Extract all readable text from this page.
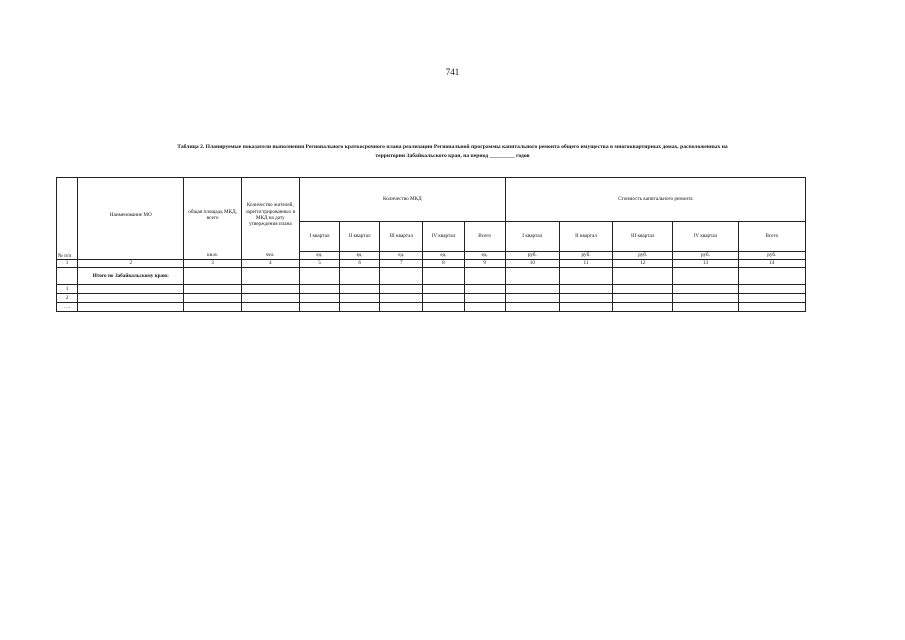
741
Таблица 2. Планируемые показатели выполнения Регионального краткосрочного плана реализации Региональной программы капитального ремонта общего имущества в многоквартирных домах, расположенных на
территории Забайкальского края, на период _________ годов
	Наименование МО	общая площадь МКД, всего	Количество жителей, зарегистрированных в МКД на дату утверждения плана	Количество МКД					Стоимость капитального ремонта				
				I квартал	II квартал	III квартал	IV квартал	Всего	I квартал	II квартал	III квартал	IV квартал	Всего
№ п/п		кв.м.	чел.	ед.	ед.	ед.	ед.	ед.	руб.	руб.	руб.	руб.	руб.
1	2	3	4	5	6	7	8	9	10	11	12	13	14
	Итого по Забайкальскому краю:												
1													
2													
….													
